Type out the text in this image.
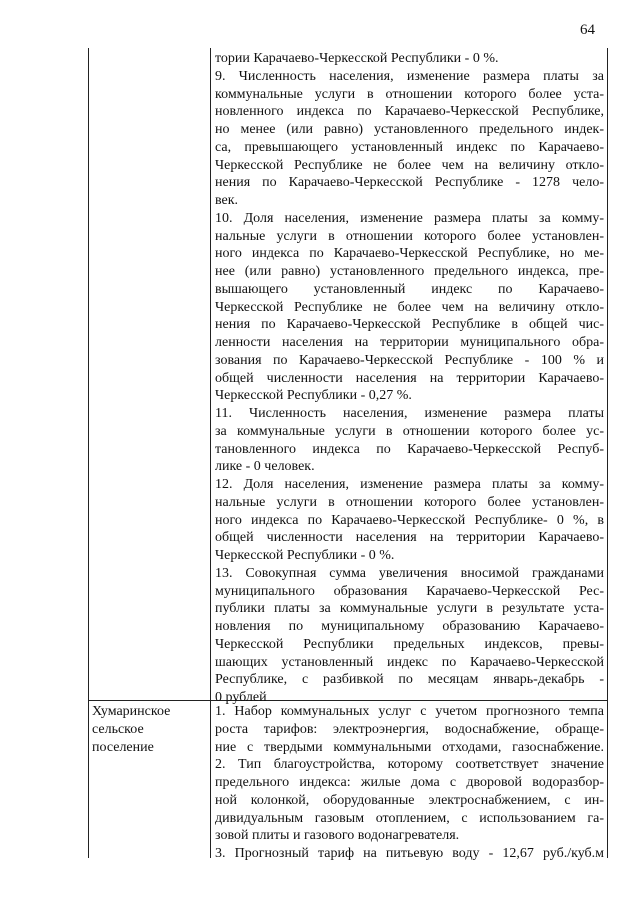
64
тории Карачаево-Черкесской Республики - 0 %.
9. Численность населения, изменение размера платы за
коммунальные услуги в отношении которого более уста-
новленного индекса по Карачаево-Черкесской Республике,
но менее (или равно) установленного предельного индек-
са, превышающего установленный индекс по Карачаево-
Черкесской Республике не более чем на величину отклo-
нения по Карачаево-Черкесской Республике - 1278 чело-
век.
10. Доля населения, изменение размера платы за комму-
нальные услуги в отношении которого более установлен-
ного индекса по Карачаево-Черкесской Республике, но ме-
нее (или равно) установленного предельного индекса, пре-
вышающего установленный индекс по Карачаево-
Черкесской Республике не более чем на величину откло-
нения по Карачаево-Черкесской Республике в общей чис-
ленности населения на территории муниципального обра-
зования по Карачаево-Черкесской Республике - 100 % и
общей численности населения на территории Карачаево-
Черкесской Республики - 0,27 %.
11. Численность населения, изменение размера платы
за коммунальные услуги в отношении которого более ус-
тановленного индекса по Карачаево-Черкесской Респуб-
лике - 0 человек.
12. Доля населения, изменение размера платы за комму-
нальные услуги в отношении которого более установлен-
ного индекса по Карачаево-Черкесской Республике- 0 %, в
общей численности населения на территории Карачаево-
Черкесской Республики - 0 %.
13. Совокупная сумма увеличения вносимой гражданами
муниципального образования Карачаево-Черкесской Рес-
публики платы за коммунальные услуги в результате уста-
новления по муниципальному образованию Карачаево-
Черкесской Республики предельных индексов, превы-
шающих установленный индекс по Карачаево-Черкесской
Республике, с разбивкой по месяцам январь-декабрь -
0 рублей
Хумаринское
сельское
поселение
1. Набор коммунальных услуг с учетом прогнозного темпа
роста тарифов: электроэнергия, водоснабжение, обраще-
ние с твердыми коммунальными отходами, газоснабжение.
2. Тип благоустройства, которому соответствует значение
предельного индекса: жилые дома с дворовой водоразбор-
ной колонкой, оборудованные электроснабжением, с ин-
дивидуальным газовым отоплением, с использованием га-
зовой плиты и газового водонагревателя.
3. Прогнозный тариф на питьевую воду - 12,67 руб./куб.м
